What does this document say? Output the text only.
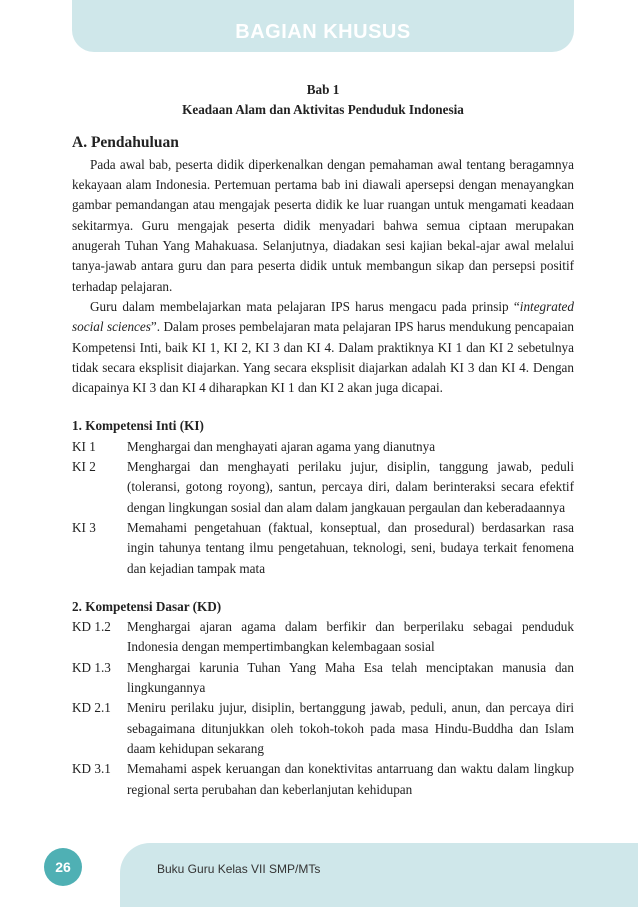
BAGIAN KHUSUS
Bab 1
Keadaan Alam dan Aktivitas Penduduk Indonesia
A. Pendahuluan

Pada awal bab, peserta didik diperkenalkan dengan pemahaman awal tentang beragamnya kekayaan alam Indonesia. Pertemuan pertama bab ini diawali apersepsi dengan menayangkan gambar pemandangan atau mengajak peserta didik ke luar ruangan untuk mengamati keadaan sekitarmya. Guru mengajak peserta didik menyadari bahwa semua ciptaan merupakan anugerah Tuhan Yang Mahakuasa. Selanjutnya, diadakan sesi kajian bekal-ajar awal melalui tanya-jawab antara guru dan para peserta didik untuk membangun sikap dan persepsi positif terhadap pelajaran.

Guru dalam membelajarkan mata pelajaran IPS harus mengacu pada prinsip “integrated social sciences”. Dalam proses pembelajaran mata pelajaran IPS harus mendukung pencapaian Kompetensi Inti, baik KI 1, KI 2, KI 3 dan KI 4. Dalam praktiknya KI 1 dan KI 2 sebetulnya tidak secara eksplisit diajarkan. Yang secara eksplisit diajarkan adalah KI 3 dan KI 4. Dengan dicapainya KI 3 dan KI 4 diharapkan KI 1 dan KI 2 akan juga dicapai.

1. Kompetensi Inti (KI)
KI 1	Menghargai dan menghayati ajaran agama yang dianutnya
KI 2	Menghargai dan menghayati perilaku jujur, disiplin, tanggung jawab, peduli (toleransi, gotong royong), santun, percaya diri, dalam berinteraksi secara efektif dengan lingkungan sosial dan alam dalam jangkauan pergaulan dan keberadaannya
KI 3	Memahami pengetahuan (faktual, konseptual, dan prosedural) berdasarkan rasa ingin tahunya tentang ilmu pengetahuan, teknologi, seni, budaya terkait fenomena dan kejadian tampak mata
2. Kompetensi Dasar (KD)
KD 1.2	Menghargai ajaran agama dalam berfikir dan berperilaku sebagai penduduk Indonesia dengan mempertimbangkan kelembagaan sosial
KD 1.3	Menghargai karunia Tuhan Yang Maha Esa telah menciptakan manusia dan lingkungannya
KD 2.1	Meniru perilaku jujur, disiplin, bertanggung jawab, peduli, anun, dan percaya diri sebagaimana ditunjukkan oleh tokoh-tokoh pada masa Hindu-Buddha dan Islam daam kehidupan sekarang
KD 3.1	Memahami aspek keruangan dan konektivitas antarruang dan waktu dalam lingkup regional serta perubahan dan keberlanjutan kehidupan
26	Buku Guru Kelas VII SMP/MTs
